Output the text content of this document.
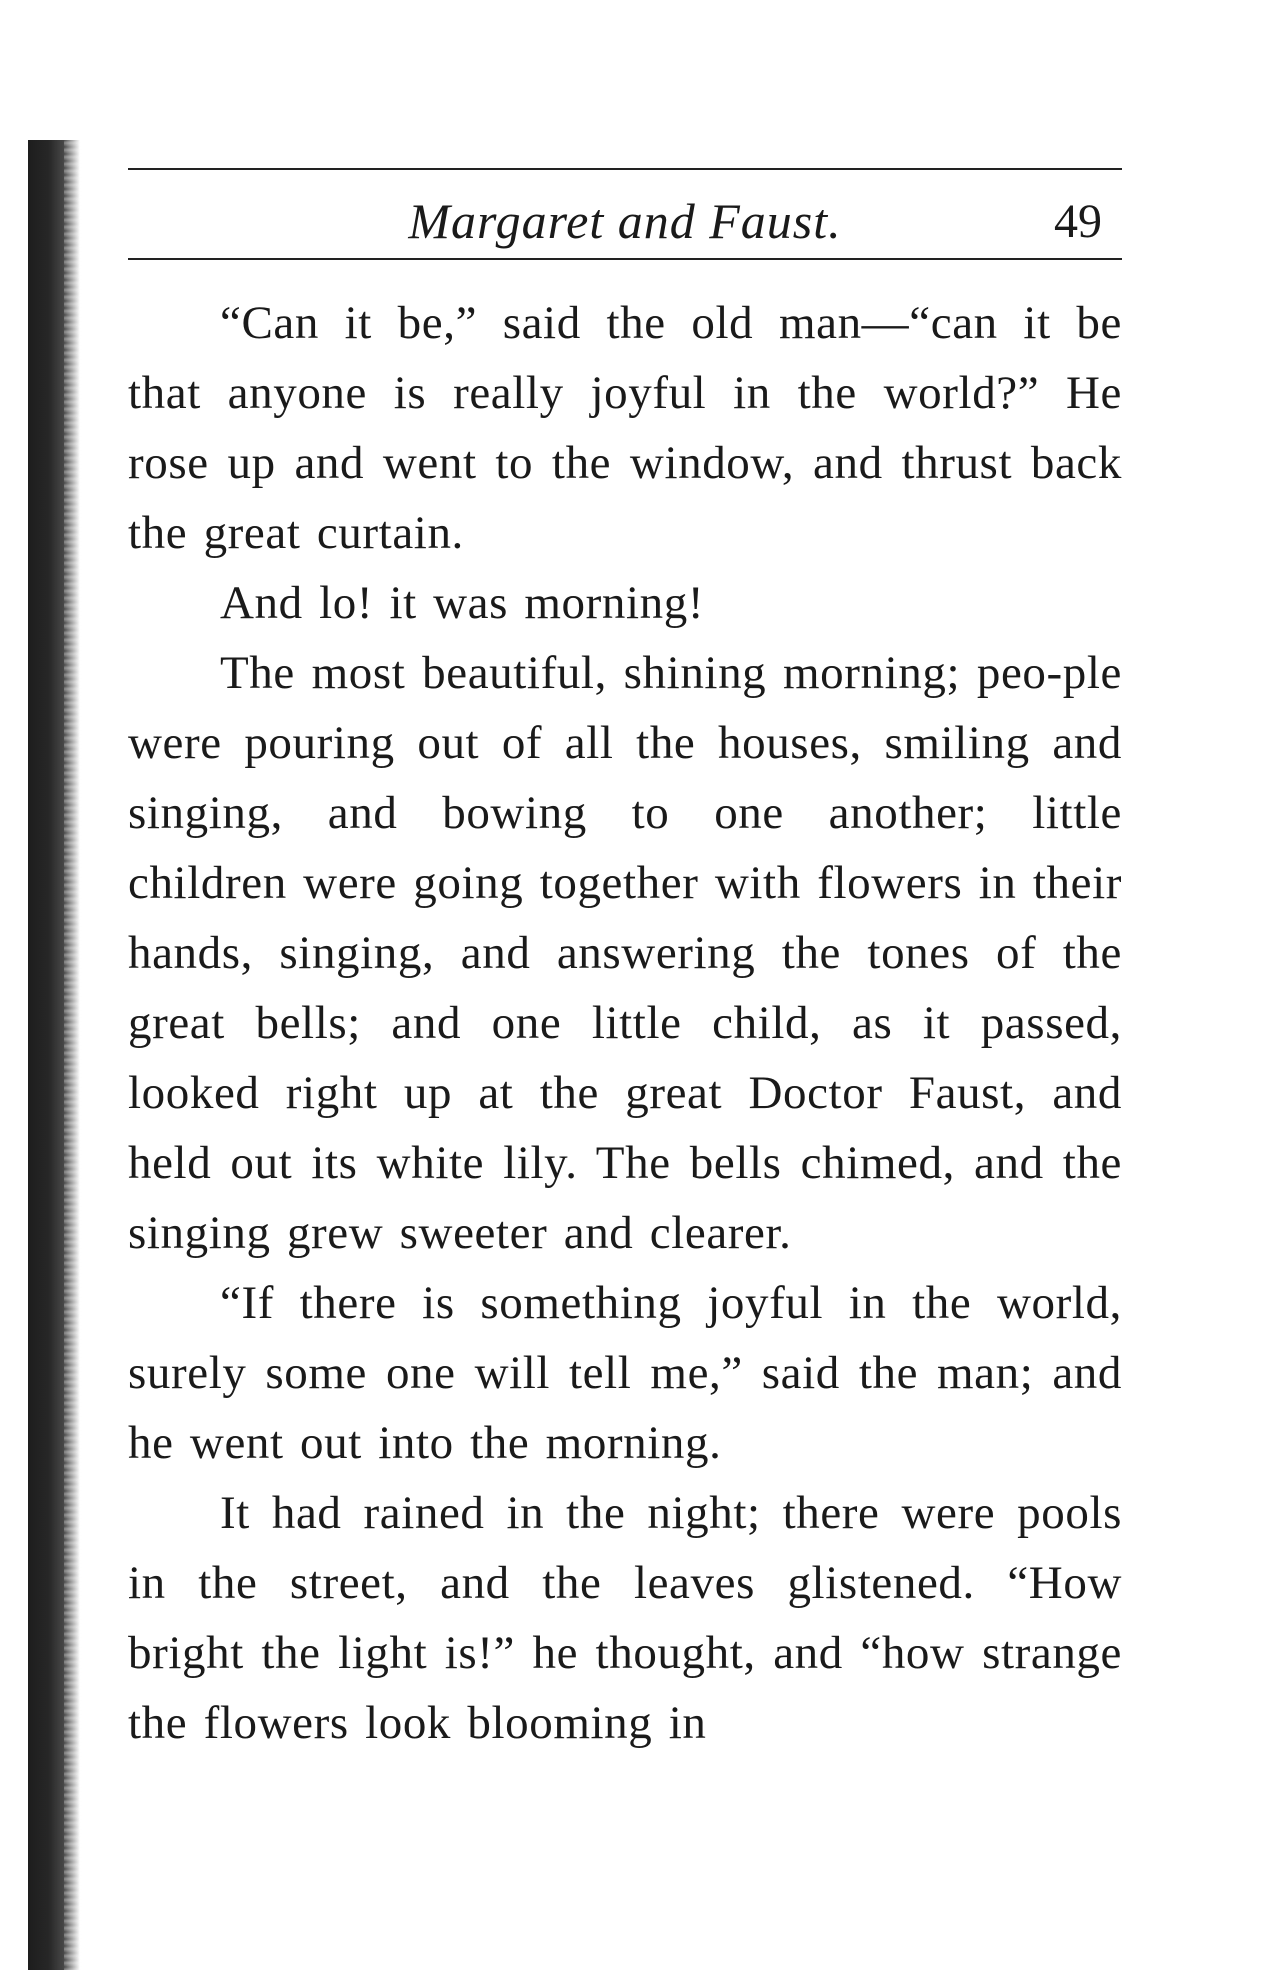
Margaret and Faust.	49

“Can it be,” said the old man—“can it be that anyone is really joyful in the world?” He rose up and went to the window, and thrust back the great curtain.

And lo! it was morning!

The most beautiful, shining morning; peo-ple were pouring out of all the houses, smiling and singing, and bowing to one another; little children were going together with flowers in their hands, singing, and answering the tones of the great bells; and one little child, as it passed, looked right up at the great Doctor Faust, and held out its white lily. The bells chimed, and the singing grew sweeter and clearer.

“If there is something joyful in the world, surely some one will tell me,” said the man; and he went out into the morning.

It had rained in the night; there were pools in the street, and the leaves glistened. “How bright the light is!” he thought, and “how strange the flowers look blooming in
